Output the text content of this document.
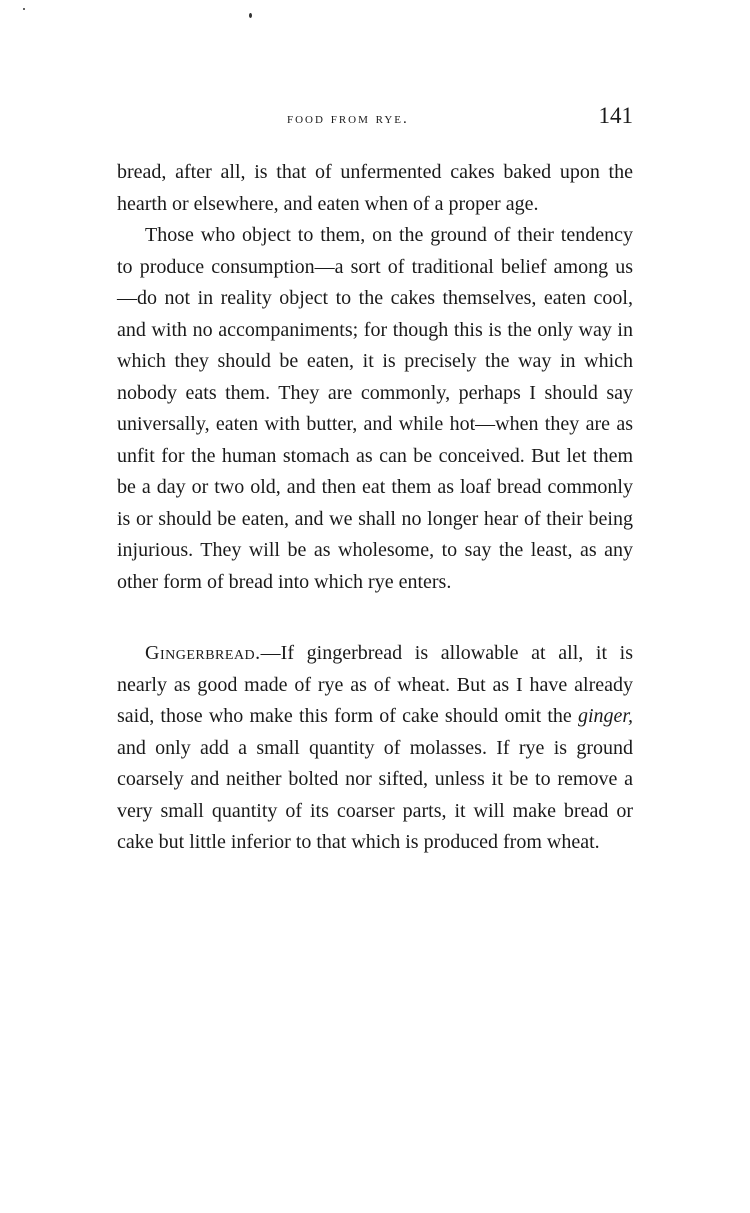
food from rye.	141

bread, after all, is that of unfermented cakes baked upon the hearth or elsewhere, and eaten when of a proper age.

Those who object to them, on the ground of their tendency to produce consumption—a sort of traditional belief among us—do not in reality object to the cakes themselves, eaten cool, and with no accompaniments; for though this is the only way in which they should be eaten, it is precisely the way in which nobody eats them. They are commonly, perhaps I should say universally, eaten with butter, and while hot—when they are as unfit for the human stomach as can be conceived. But let them be a day or two old, and then eat them as loaf bread commonly is or should be eaten, and we shall no longer hear of their being injurious. They will be as wholesome, to say the least, as any other form of bread into which rye enters.

Gingerbread.—If gingerbread is allowable at all, it is nearly as good made of rye as of wheat. But as I have already said, those who make this form of cake should omit the ginger, and only add a small quantity of molasses. If rye is ground coarsely and neither bolted nor sifted, unless it be to remove a very small quantity of its coarser parts, it will make bread or cake but little inferior to that which is produced from wheat.
